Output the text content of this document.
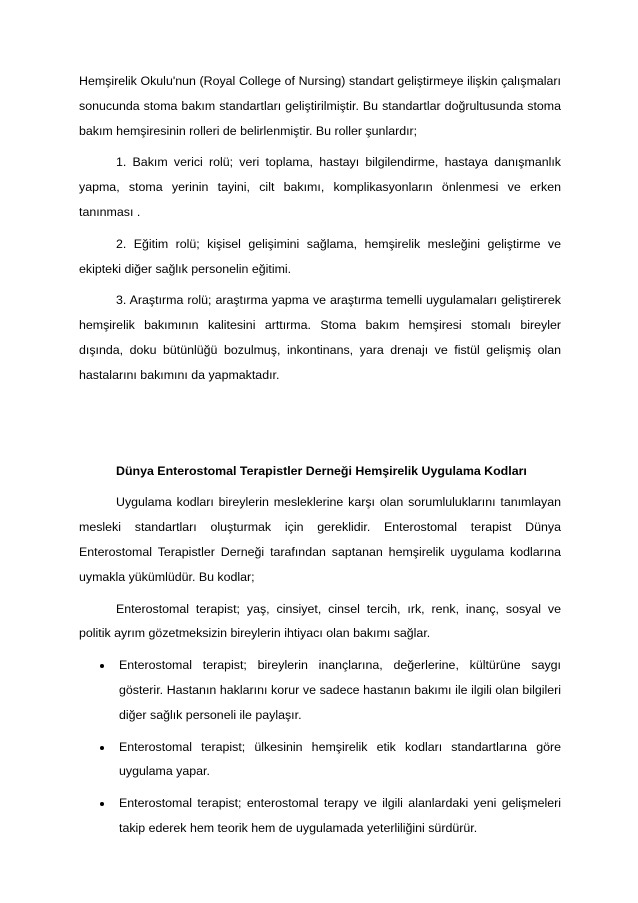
Hemşirelik Okulu'nun (Royal College of Nursing) standart geliştirmeye ilişkin çalışmaları sonucunda stoma bakım standartları geliştirilmiştir. Bu standartlar doğrultusunda stoma bakım hemşiresinin rolleri de belirlenmiştir. Bu roller şunlardır;

1. Bakım verici rolü; veri toplama, hastayı bilgilendirme, hastaya danışmanlık yapma, stoma yerinin tayini, cilt bakımı, komplikasyonların önlenmesi ve erken tanınması .

2. Eğitim rolü; kişisel gelişimini sağlama, hemşirelik mesleğini geliştirme ve ekipteki diğer sağlık personelin eğitimi.

3. Araştırma rolü; araştırma yapma ve araştırma temelli uygulamaları geliştirerek hemşirelik bakımının kalitesini arttırma. Stoma bakım hemşiresi stomalı bireyler dışında, doku bütünlüğü bozulmuş, inkontinans, yara drenajı ve fistül gelişmiş olan hastalarını bakımını da yapmaktadır.

Dünya Enterostomal Terapistler Derneği Hemşirelik Uygulama Kodları

Uygulama kodları bireylerin mesleklerine karşı olan sorumluluklarını tanımlayan mesleki standartları oluşturmak için gereklidir. Enterostomal terapist Dünya Enterostomal Terapistler Derneği tarafından saptanan hemşirelik uygulama kodlarına uymakla yükümlüdür. Bu kodlar;

Enterostomal terapist; yaş, cinsiyet, cinsel tercih, ırk, renk, inanç, sosyal ve politik ayrım gözetmeksizin bireylerin ihtiyacı olan bakımı sağlar.

Enterostomal terapist; bireylerin inançlarına, değerlerine, kültürüne saygı gösterir. Hastanın haklarını korur ve sadece hastanın bakımı ile ilgili olan bilgileri diğer sağlık personeli ile paylaşır.
Enterostomal terapist; ülkesinin hemşirelik etik kodları standartlarına göre uygulama yapar.
Enterostomal terapist; enterostomal terapy ve ilgili alanlardaki yeni gelişmeleri takip ederek hem teorik hem de uygulamada yeterliliğini sürdürür.
